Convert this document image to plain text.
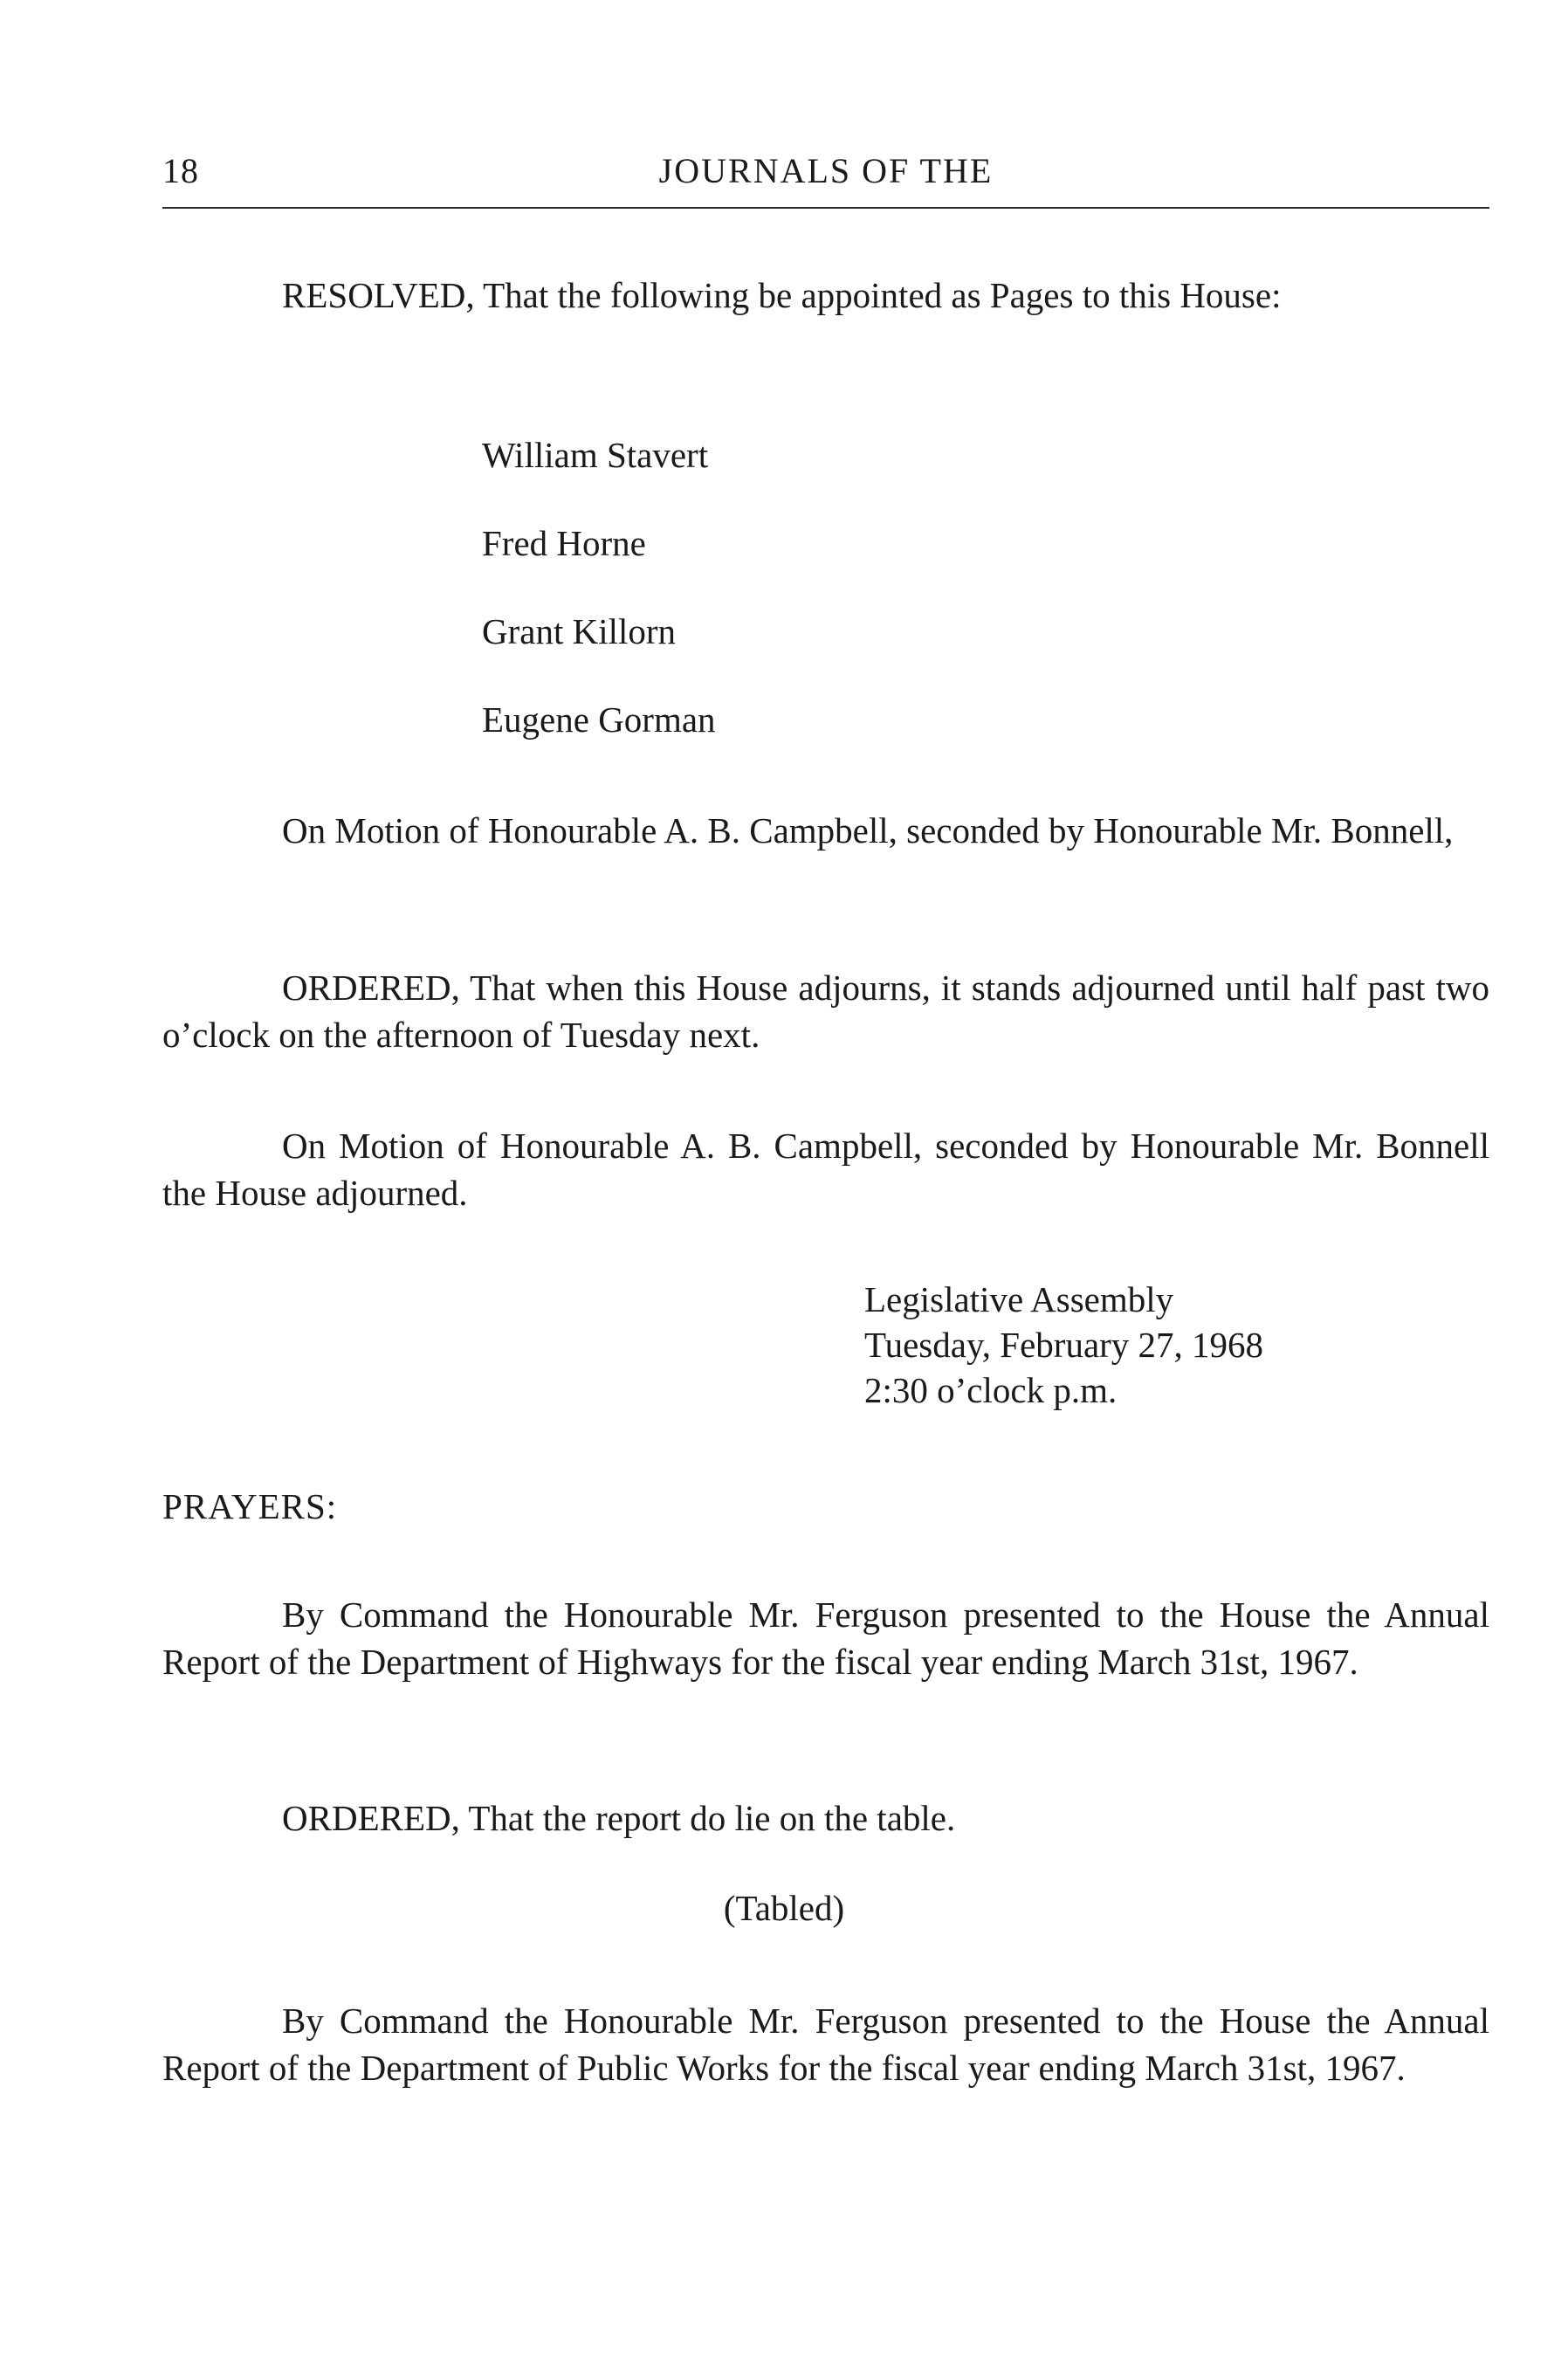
18	JOURNALS OF THE
RESOLVED, That the following be appointed as Pages to this House:
William Stavert
Fred Horne
Grant Killorn
Eugene Gorman
On Motion of Honourable A. B. Campbell, seconded by Honourable Mr. Bonnell,
ORDERED, That when this House adjourns, it stands adjourned until half past two o’clock on the afternoon of Tuesday next.
On Motion of Honourable A. B. Campbell, seconded by Honourable Mr. Bonnell the House adjourned.
Legislative Assembly
Tuesday, February 27, 1968
2:30 o’clock p.m.
PRAYERS:
By Command the Honourable Mr. Ferguson presented to the House the Annual Report of the Department of Highways for the fiscal year ending March 31st, 1967.
ORDERED, That the report do lie on the table.
(Tabled)
By Command the Honourable Mr. Ferguson presented to the House the Annual Report of the Department of Public Works for the fiscal year ending March 31st, 1967.
